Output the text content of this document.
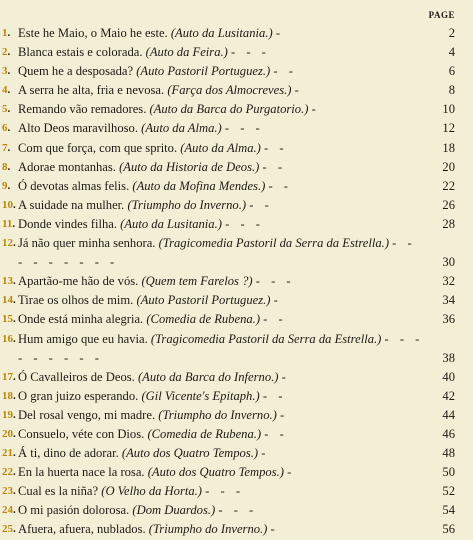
PAGE
1 . Este he Maio, o Maio he este. (Auto da Lusitania.) -	2
2 . Blanca estais e colorada. (Auto da Feira.) - - -	4
3 . Quem he a desposada? (Auto Pastoril Portuguez.) - -	6
4 . A serra he alta, fria e nevosa. (Farça dos Almocreves.) -	8
5 . Remando vão remadores. (Auto da Barca do Purgatorio.) -	10
6 . Alto Deos maravilhoso. (Auto da Alma.) - - -	12
7 . Com que força, com que sprito. (Auto da Alma.) - -	18
8 . Adorae montanhas. (Auto da Historia de Deos.) - -	20
9 . Ó devotas almas felis. (Auto da Mofina Mendes.) - -	22
10 . A suidade na mulher. (Triumpho do Inverno.) - -	26
11 . Donde vindes filha. (Auto da Lusitania.) - - -	28
12 . Já não quer minha senhora. (Tragicomedia Pastoril da Serra da Estrella.) - - - - - - - - -	30
13 . Apartão-me hão de vós. (Quem tem Farelos ?) - - -	32
14 . Tirae os olhos de mim. (Auto Pastoril Portuguez.) -	34
15 . Onde está minha alegria. (Comedia de Rubena.) - -	36
16 . Hum amigo que eu havia. (Tragicomedia Pastoril da Serra da Estrella.) - - - - - - - - -	38
17 . Ó Cavalleiros de Deos. (Auto da Barca do Inferno.) -	40
18 . O gran juizo esperando. (Gil Vicente's Epitaph.) - -	42
19 . Del rosal vengo, mi madre. (Triumpho do Inverno.) -	44
20 . Consuelo, véte con Dios. (Comedia de Rubena.) - -	46
21 . Á ti, dino de adorar. (Auto dos Quatro Tempos.) -	48
22 . En la huerta nace la rosa. (Auto dos Quatro Tempos.) -	50
23 . Cual es la niña? (O Velho da Horta.) - - -	52
24 . O mi pasión dolorosa. (Dom Duardos.) - - -	54
25 . Afuera, afuera, nublados. (Triumpho do Inverno.) -	56
